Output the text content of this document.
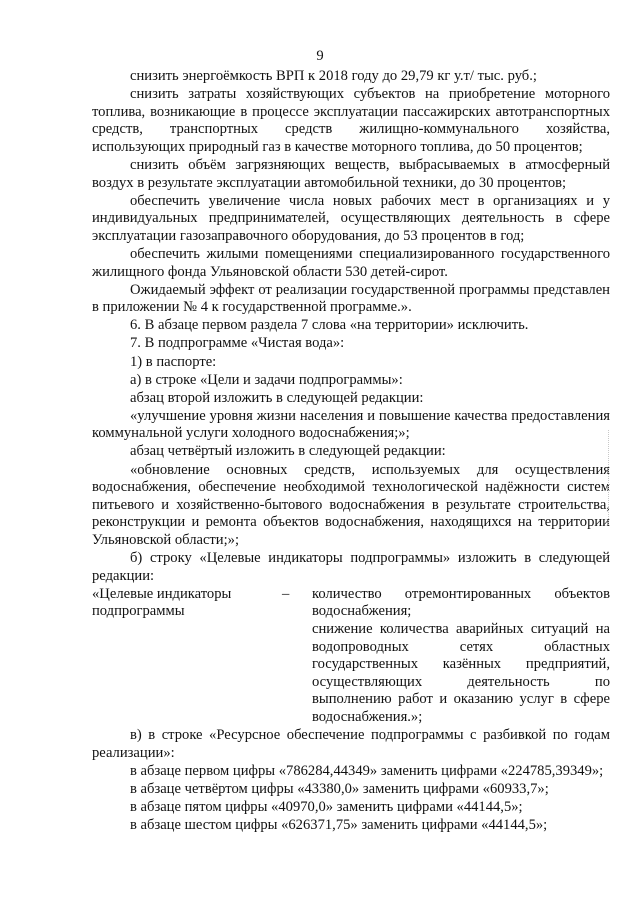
9

снизить энергоёмкость ВРП к 2018 году до 29,79 кг у.т/ тыс. руб.;

снизить затраты хозяйствующих субъектов на приобретение моторного топлива, возникающие в процессе эксплуатации пассажирских автотранспортных средств, транспортных средств жилищно-коммунального хозяйства, использующих природный газ в качестве моторного топлива, до 50 процентов;

снизить объём загрязняющих веществ, выбрасываемых в атмосферный воздух в результате эксплуатации автомобильной техники, до 30 процентов;

обеспечить увеличение числа новых рабочих мест в организациях и у индивидуальных предпринимателей, осуществляющих деятельность в сфере эксплуатации газозаправочного оборудования, до 53 процентов в год;

обеспечить жилыми помещениями специализированного государственного жилищного фонда Ульяновской области 530 детей-сирот.

Ожидаемый эффект от реализации государственной программы представлен в приложении № 4 к государственной программе.».

6. В абзаце первом раздела 7 слова «на территории» исключить.

7. В подпрограмме «Чистая вода»:

1) в паспорте:

а) в строке «Цели и задачи подпрограммы»:

абзац второй изложить в следующей редакции:

«улучшение уровня жизни населения и повышение качества предоставления коммунальной услуги холодного водоснабжения;»;

абзац четвёртый изложить в следующей редакции:

«обновление основных средств, используемых для осуществления водоснабжения, обеспечение необходимой технологической надёжности систем питьевого и хозяйственно-бытового водоснабжения в результате строительства, реконструкции и ремонта объектов водоснабжения, находящихся на территории Ульяновской области;»;

б) строку «Целевые индикаторы подпрограммы» изложить в следующей редакции:

«Целевые индикаторы подпрограммы
–	количество отремонтированных объектов водоснабжения;

снижение количества аварийных ситуаций на водопроводных сетях областных государственных казённых предприятий, осуществляющих деятельность по выполнению работ и оказанию услуг в сфере водоснабжения.»;

в) в строке «Ресурсное обеспечение подпрограммы с разбивкой по годам реализации»:

в абзаце первом цифры «786284,44349» заменить цифрами «224785,39349»;

в абзаце четвёртом цифры «43380,0» заменить цифрами «60933,7»;

в абзаце пятом цифры «40970,0» заменить цифрами «44144,5»;

в абзаце шестом цифры «626371,75» заменить цифрами «44144,5»;
